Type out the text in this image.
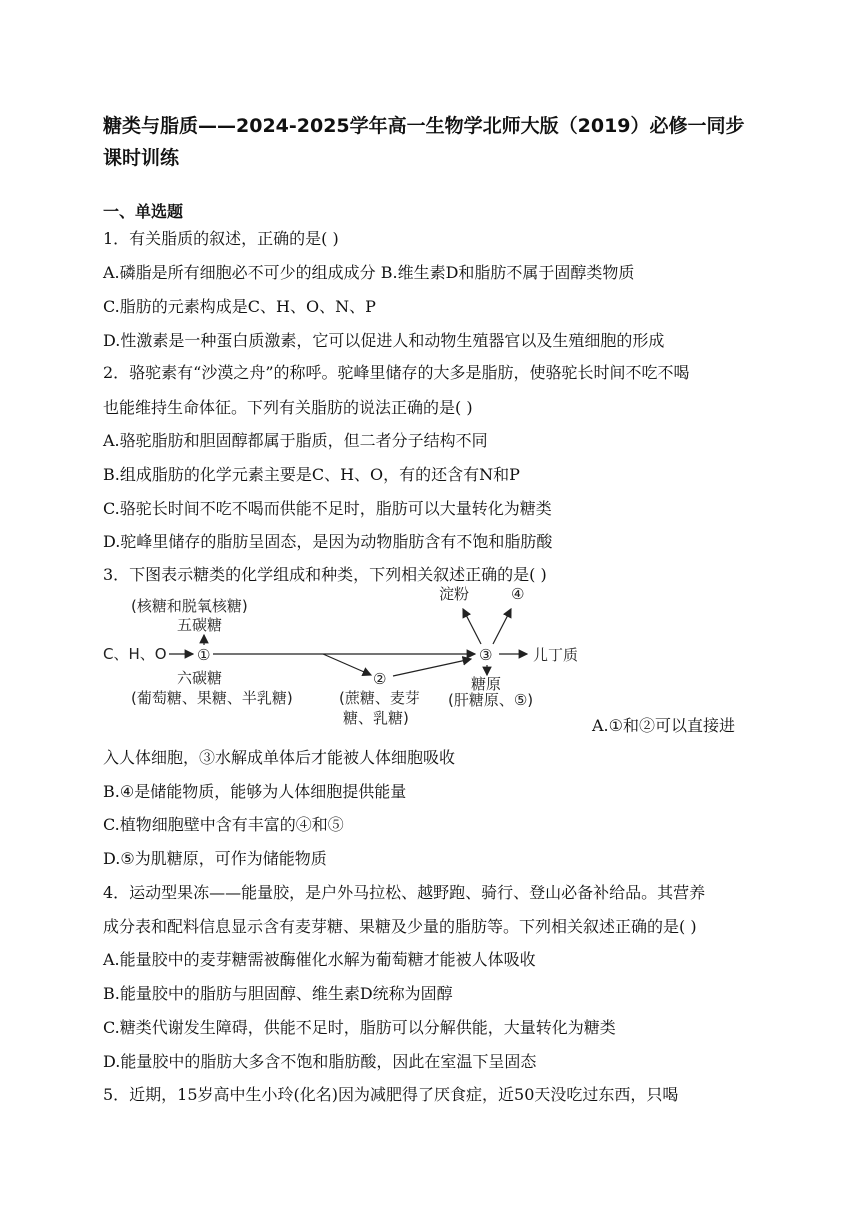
糖类与脂质——2024-2025学年高一生物学北师大版（2019）必修一同步课时训练
一、单选题
1．有关脂质的叙述，正确的是( )
A.磷脂是所有细胞必不可少的组成成分 B.维生素D和脂肪不属于固醇类物质
C.脂肪的元素构成是C、H、O、N、P
D.性激素是一种蛋白质激素，它可以促进人和动物生殖器官以及生殖细胞的形成
2．骆驼素有“沙漠之舟”的称呼。驼峰里储存的大多是脂肪，使骆驼长时间不吃不喝
也能维持生命体征。下列有关脂肪的说法正确的是( )
A.骆驼脂肪和胆固醇都属于脂质，但二者分子结构不同
B.组成脂肪的化学元素主要是C、H、O，有的还含有N和P
C.骆驼长时间不吃不喝而供能不足时，脂肪可以大量转化为糖类
D.驼峰里储存的脂肪呈固态，是因为动物脂肪含有不饱和脂肪酸
3．下图表示糖类的化学组成和种类，下列相关叙述正确的是( )
(核糖和脱氧核糖)
五碳糖
C、H、O ①
六碳糖
(葡萄糖、果糖、半乳糖)
②
(蔗糖、麦芽
糖、乳糖)
③
淀粉	④
儿丁质
糖原
(肝糖原、⑤)
A.①和②可以直接进
入人体细胞，③水解成单体后才能被人体细胞吸收
B.④是储能物质，能够为人体细胞提供能量
C.植物细胞壁中含有丰富的④和⑤
D.⑤为肌糖原，可作为储能物质
4．运动型果冻——能量胶，是户外马拉松、越野跑、骑行、登山必备补给品。其营养
成分表和配料信息显示含有麦芽糖、果糖及少量的脂肪等。下列相关叙述正确的是( )
A.能量胶中的麦芽糖需被酶催化水解为葡萄糖才能被人体吸收
B.能量胶中的脂肪与胆固醇、维生素D统称为固醇
C.糖类代谢发生障碍，供能不足时，脂肪可以分解供能，大量转化为糖类
D.能量胶中的脂肪大多含不饱和脂肪酸，因此在室温下呈固态
5．近期，15岁高中生小玲(化名)因为减肥得了厌食症，近50天没吃过东西，只喝
